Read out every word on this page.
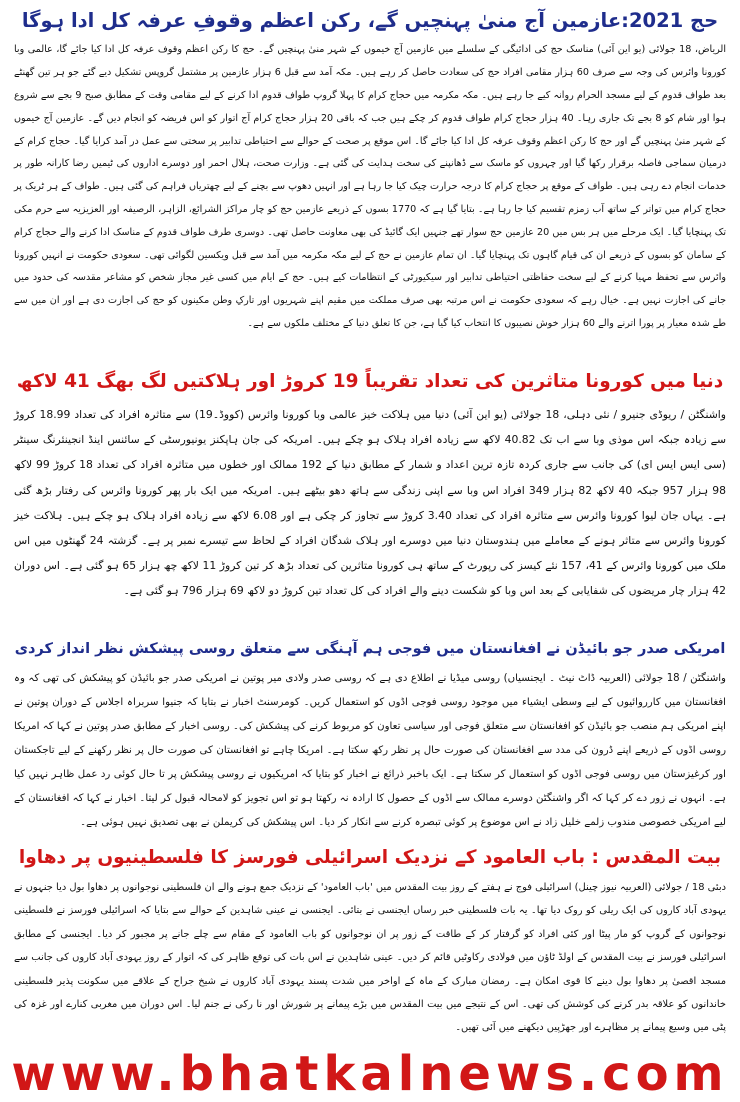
حج 2021:عازمین آج منیٰ پہنچیں گے، رکن اعظم وقوفِ عرفہ کل ادا ہوگا

الریاض، 18 جولائی (یو این آئی) مناسک حج کی ادائیگی کے سلسلے میں عازمین آج خیموں کے شہر منیٰ پہنچیں گے۔ حج کا رکن اعظم وقوف عرفہ کل ادا کیا جائے گا، عالمی وبا کورونا وائرس کی وجہ سے صرف 60 ہزار مقامی افراد حج کی سعادت حاصل کر رہے ہیں۔ مکہ آمد سے قبل 6 ہزار عازمین پر مشتمل گروپس تشکیل دیے گئے جو ہر تین گھنٹے بعد طواف قدوم کے لیے مسجد الحرام روانہ کیے جا رہے ہیں۔ مکہ مکرمہ میں حجاج کرام کا پہلا گروپ طواف قدوم ادا کرنے کے لیے مقامی وقت کے مطابق صبح 9 بجے سے شروع ہوا اور شام کو 8 بجے تک جاری رہا۔ 40 ہزار حجاج کرام طواف قدوم کر چکے ہیں جب کہ باقی 20 ہزار حجاج کرام آج اتوار کو اس فریضہ کو انجام دیں گے۔ عازمین آج خیموں کے شہر منیٰ پہنچیں گے اور حج کا رکن اعظم وقوف عرفہ کل ادا کیا جائے گا۔ اس موقع پر صحت کے حوالے سے احتیاطی تدابیر پر سختی سے عمل در آمد کرایا گیا۔ حجاج کرام کے درمیان سماجی فاصلہ برقرار رکھا گیا اور چہروں کو ماسک سے ڈھانپنے کی سخت ہدایت کی گئی ہے۔ وزارت صحت، ہلال احمر اور دوسرے اداروں کی ٹیمیں رضا کارانہ طور پر خدمات انجام دے رہی ہیں۔ طواف کے موقع پر حجاج کرام کا درجہ حرارت چیک کیا جا رہا ہے اور انہیں دھوپ سے بچنے کے لیے چھتریاں فراہم کی گئی ہیں۔ طواف کے ہر ٹریک پر حجاج کرام میں تواتر کے ساتھ آب زمزم تقسیم کیا جا رہا ہے۔ بتایا گیا ہے کہ 1770 بسوں کے ذریعے عازمین حج کو چار مراکز الشرائع، الزاہر، الرصیفہ اور العزیزیہ سے حرم مکی تک پہنچایا گیا۔ ایک مرحلے میں ہر بس میں 20 عازمین حج سوار تھے جنہیں ایک گائیڈ کی بھی معاونت حاصل تھی۔ دوسری طرف طواف قدوم کے مناسک ادا کرنے والے حجاج کرام کے سامان کو بسوں کے ذریعے ان کی قیام گاہوں تک پہنچایا گیا۔ ان تمام عازمین نے حج کے لیے مکہ مکرمہ میں آمد سے قبل ویکسین لگوائی تھی۔ سعودی حکومت نے انہیں کورونا وائرس سے تحفظ مہیا کرنے کے لیے سخت حفاظتی احتیاطی تدابیر اور سیکیورٹی کے انتظامات کیے ہیں۔ حج کے ایام میں کسی غیر مجاز شخص کو مشاعر مقدسہ کی حدود میں جانے کی اجازت نہیں ہے۔ خیال رہے کہ سعودی حکومت نے اس مرتبہ بھی صرف مملکت میں مقیم اپنے شہریوں اور تارکِ وطن مکینوں کو حج کی اجازت دی ہے اور ان میں سے طے شدہ معیار پر پورا اترنے والے 60 ہزار خوش نصیبوں کا انتخاب کیا گیا ہے، جن کا تعلق دنیا کے مختلف ملکوں سے ہے۔

دنیا میں کورونا متاثرین کی تعداد تقریباً 19 کروڑ اور ہلاکتیں لگ بھگ 41 لاکھ

واشنگٹن / ریوڈی جنیرو / نئی دہلی، 18 جولائی (یو این آئی) دنیا میں ہلاکت خیز عالمی وبا کورونا وائرس (کووڈ۔19) سے متاثرہ افراد کی تعداد 18.99 کروڑ سے زیادہ جبکہ اس موذی وبا سے اب تک 40.82 لاکھ سے زیادہ افراد ہلاک ہو چکے ہیں۔ امریکہ کی جان ہاپکنز یونیورسٹی کے سائنس اینڈ انجینئرنگ سینٹر (سی ایس ایس ای) کی جانب سے جاری کردہ تازہ ترین اعداد و شمار کے مطابق دنیا کے 192 ممالک اور خطوں میں متاثرہ افراد کی تعداد 18 کروڑ 99 لاکھ 98 ہزار 957 جبکہ 40 لاکھ 82 ہزار 349 افراد اس وبا سے اپنی زندگی سے ہاتھ دھو بیٹھے ہیں۔ امریکہ میں ایک بار پھر کورونا وائرس کی رفتار بڑھ گئی ہے۔ یہاں جان لیوا کورونا وائرس سے متاثرہ افراد کی تعداد 3.40 کروڑ سے تجاوز کر چکی ہے اور 6.08 لاکھ سے زیادہ افراد ہلاک ہو چکے ہیں۔ ہلاکت خیز کورونا وائرس سے متاثر ہونے کے معاملے میں ہندوستان دنیا میں دوسرے اور ہلاک شدگان افراد کے لحاظ سے تیسرے نمبر پر ہے۔ گزشتہ 24 گھنٹوں میں اس ملک میں کورونا وائرس کے 41، 157 نئے کیسز کی رپورٹ کے ساتھ ہی کورونا متاثرین کی تعداد بڑھ کر تین کروڑ 11 لاکھ چھ ہزار 65 ہو گئی ہے۔ اس دوران 42 ہزار چار مریضوں کی شفایابی کے بعد اس وبا کو شکست دینے والے افراد کی کل تعداد تین کروڑ دو لاکھ 69 ہزار 796 ہو گئی ہے۔

امریکی صدر جو بائیڈن نے افغانستان میں فوجی ہم آہنگی سے متعلق روسی پیشکش نظر انداز کردی

واشنگٹن / 18 جولائی (العربیہ ڈاٹ نیٹ ۔ ایجنسیاں) روسی میڈیا نے اطلاع دی ہے کہ روسی صدر ولادی میر پوتین نے امریکی صدر جو بائیڈن کو پیشکش کی تھی کہ وہ افغانستان میں کارروائیوں کے لیے وسطی ایشیاء میں موجود روسی فوجی اڈوں کو استعمال کریں۔ کومرسنٹ اخبار نے بتایا کہ جنیوا سربراہ اجلاس کے دوران پوتین نے اپنے امریکی ہم منصب جو بائیڈن کو افغانستان سے متعلق فوجی اور سیاسی تعاون کو مربوط کرنے کی پیشکش کی۔ روسی اخبار کے مطابق صدر پوتین نے کہا کہ امریکا روسی اڈوں کے ذریعے اپنے ڈرون کی مدد سے افغانستان کی صورت حال پر نظر رکھ سکتا ہے۔ امریکا چاہے تو افغانستان کی صورت حال پر نظر رکھنے کے لیے تاجکستان اور کرغیزستان میں روسی فوجی اڈوں کو استعمال کر سکتا ہے۔ ایک باخبر ذرائع نے اخبار کو بتایا کہ امریکیوں نے روسی پیشکش پر تا حال کوئی رد عمل ظاہر نہیں کیا ہے۔ انہوں نے زور دے کر کہا کہ اگر واشنگٹن دوسرے ممالک سے اڈوں کے حصول کا ارادہ نہ رکھتا ہو تو اس تجویز کو لامحالہ قبول کر لیتا۔ اخبار نے کہا کہ افغانستان کے لیے امریکی خصوصی مندوب زلمے خلیل زاد نے اس موضوع پر کوئی تبصرہ کرنے سے انکار کر دیا۔ اس پیشکش کی کریملن نے بھی تصدیق نہیں ہوئی ہے۔

بیت المقدس : باب العامود کے نزدیک اسرائیلی فورسز کا فلسطینیوں پر دھاوا

دبئی 18 / جولائی (العربیہ نیوز چینل) اسرائیلی فوج نے ہفتے کے روز بیت المقدس میں 'باب العامود' کے نزدیک جمع ہونے والے ان فلسطینی نوجوانوں پر دھاوا بول دیا جنہوں نے یہودی آباد کاروں کی ایک ریلی کو روک دیا تھا۔ یہ بات فلسطینی خبر رساں ایجنسی نے بتائی۔ ایجنسی نے عینی شاہدین کے حوالے سے بتایا کہ اسرائیلی فورسز نے فلسطینی نوجوانوں کے گروپ کو مار پیٹا اور کئی افراد کو گرفتار کر کے طاقت کے زور پر ان نوجوانوں کو باب العامود کے مقام سے چلے جانے پر مجبور کر دیا۔ ایجنسی کے مطابق اسرائیلی فورسز نے بیت المقدس کے اولڈ ٹاؤن میں فولادی رکاوٹیں قائم کر دیں۔ عینی شاہدین نے اس بات کی توقع ظاہر کی کہ اتوار کے روز یہودی آباد کاروں کی جانب سے مسجد اقصیٰ پر دھاوا بول دینے کا قوی امکان ہے۔ رمضان مبارک کے ماہ کے اواخر میں شدت پسند یہودی آباد کاروں نے شیخ جراح کے علاقے میں سکونت پذیر فلسطینی خاندانوں کو علاقہ بدر کرنے کی کوشش کی تھی۔ اس کے نتیجے میں بیت المقدس میں بڑے پیمانے پر شورش اور نا رکی نے جنم لیا۔ اس دوران میں مغربی کنارے اور غزہ کی پٹی میں وسیع پیمانے پر مظاہرے اور جھڑپیں دیکھنے میں آئی تھیں۔

www.bhatkalnews.com
